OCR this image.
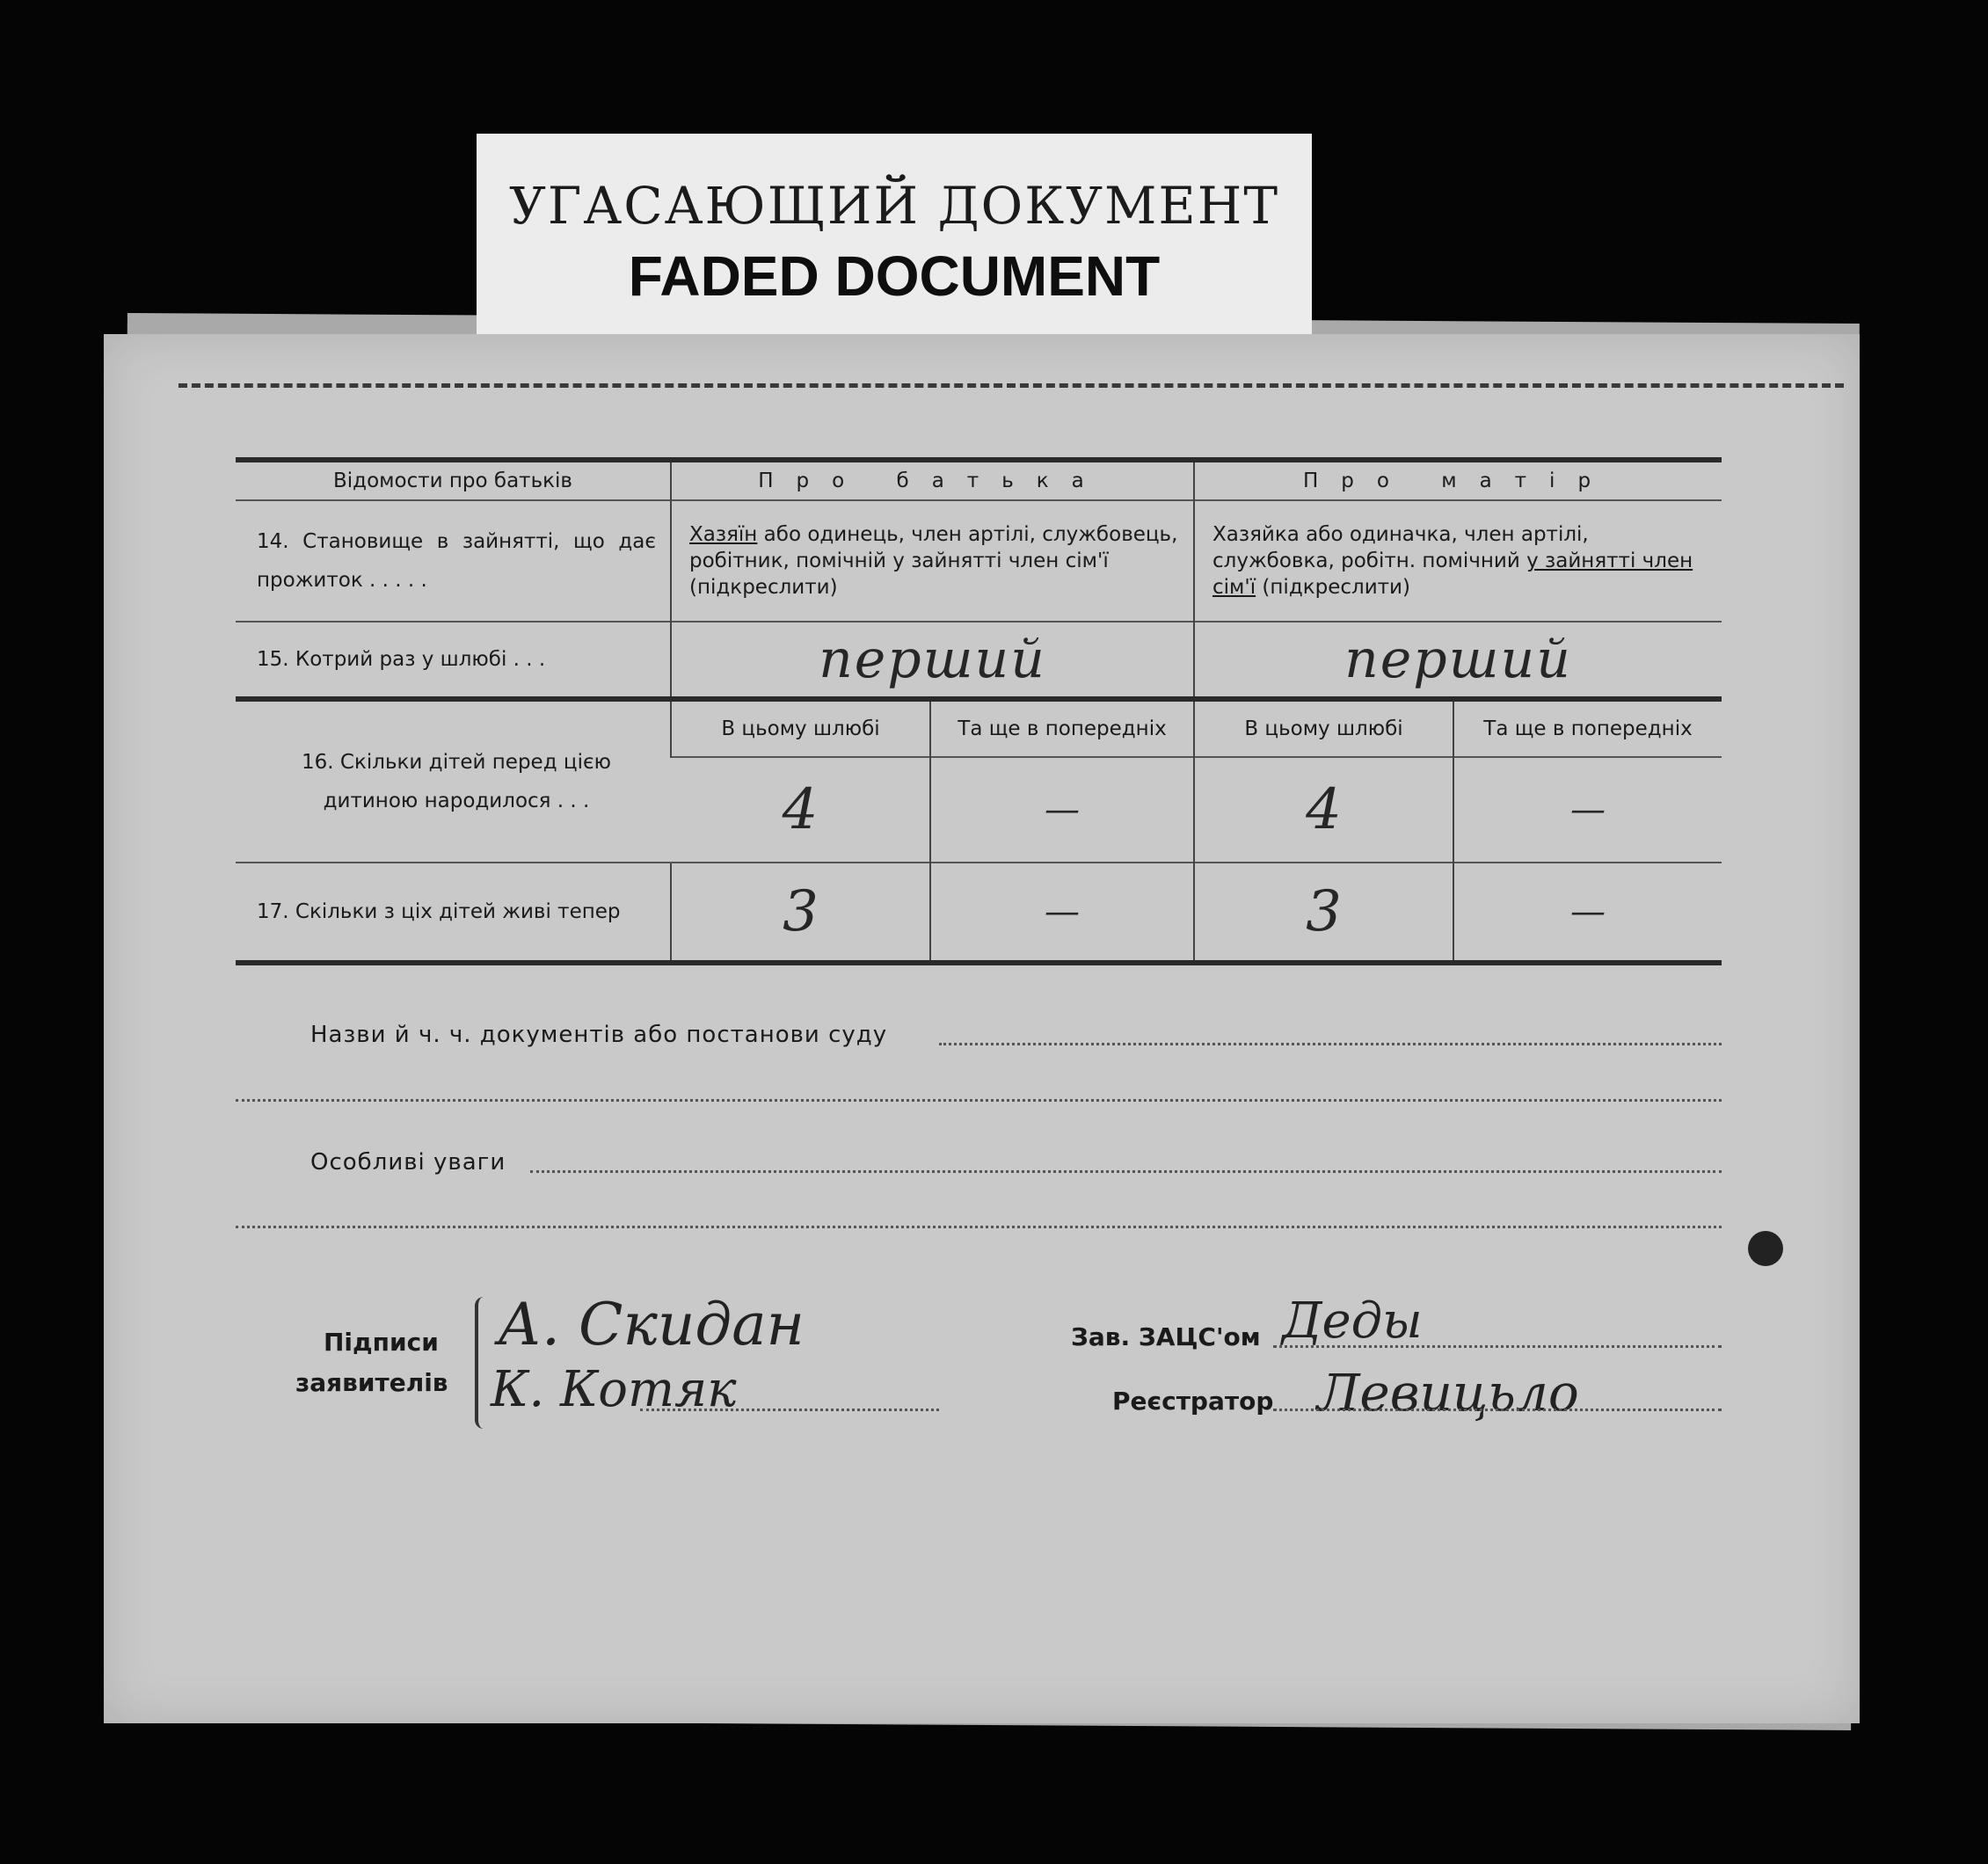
УГАСАЮЩИЙ ДОКУМЕНТ
FADED DOCUMENT
Відомости про батьків	Про батька		Про матір	
14. Становище в зайнятті, що дає прожиток . . . . .	Хазяїн або одинець, член артілі, службовець, робітник, помічній у зайнятті член сім'ї (підкреслити)		Хазяйка або одиначка, член артілі, службовка, робітн. помічний у зайнятті член сім'ї (підкреслити)	
15. Котрий раз у шлюбі . . .	перший		перший	
16. Скільки дітей перед цією дитиною народилося . . .	В цьому шлюбі	Та ще в попередніх	В цьому шлюбі	Та ще в попередніх
	4	—	4	—
17. Скільки з ціх дітей живі тепер	3	—	3	—
Назви й ч. ч. документів або постанови суду
Особливі уваги
Підписи
заявителів
А. Скидан
К. Котяк
Зав. ЗАЦС'ом Деды
Реєстратор Левицьло
